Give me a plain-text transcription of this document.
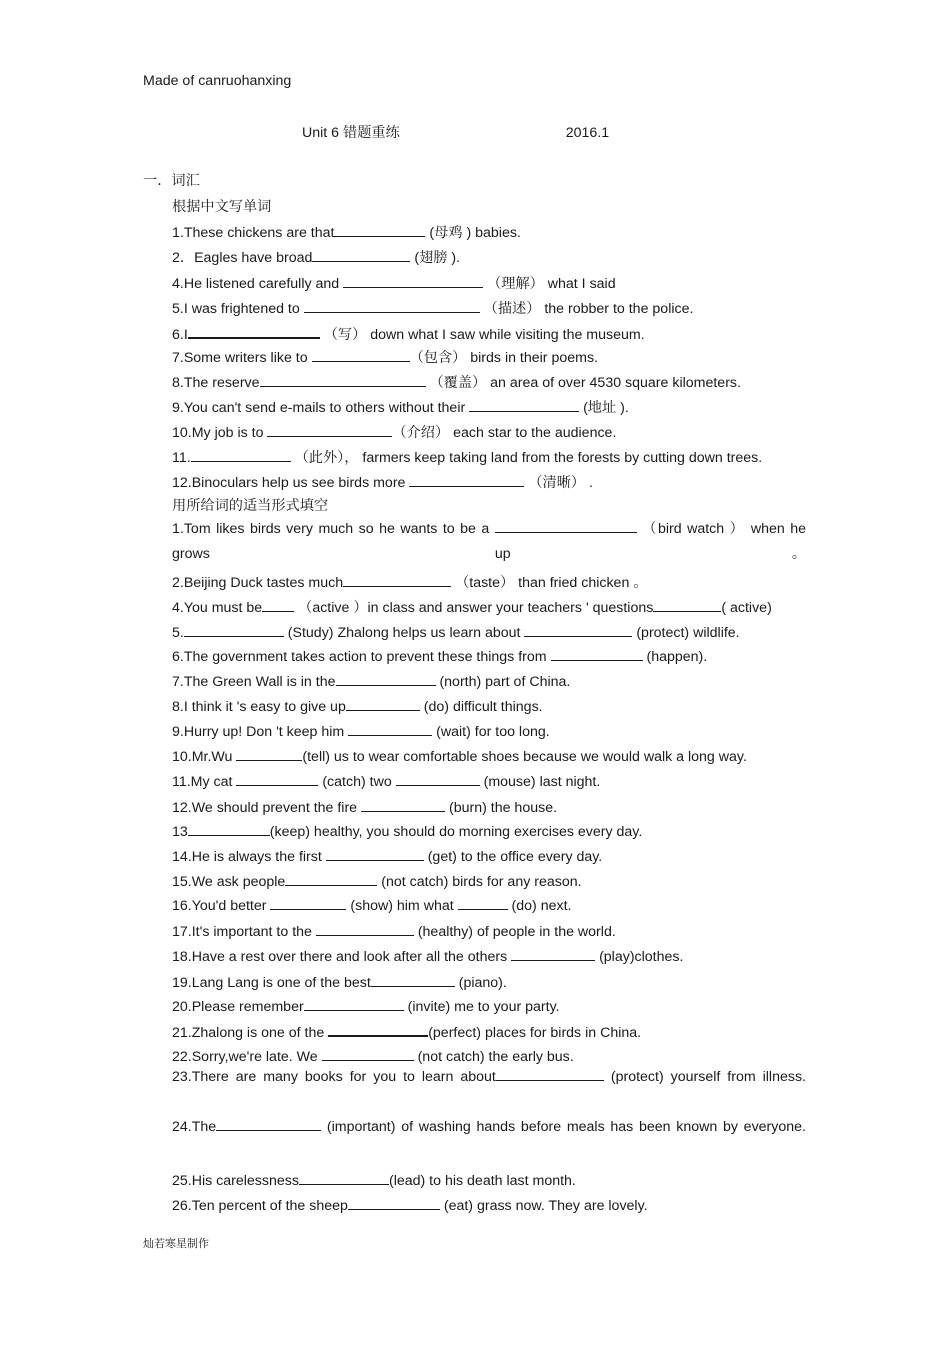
Made of canruohanxing
Unit 6 错题重练	2016.1
一．词汇
根据中文写单词
1.These chickens are that	(母鸡 ) babies.
2．Eagles have broad	(翅膀 ).
4.He listened carefully and	（理解） what I said
5.I was frightened to	（描述） the robber to the police.
6.I	（写） down what I saw while visiting the museum.
7.Some writers like to	（包含） birds in their poems.
8.The reserve	（覆盖） an area of over 4530 square kilometers.
9.You can't send e-mails to others without their	(地址 ).
10.My job is to	（介绍） each star to the audience.
11.	（此外）， farmers keep taking land from the forests by cutting down trees.
12.Binoculars help us see birds more	（清晰） .
用所给词的适当形式填空
1.Tom likes birds very much so he wants to be a	（bird watch ） when he grows up。
2.Beijing Duck tastes much	（taste） than fried chicken 。
4.You must be （active ）in class and answer your teachers ' questions	( active)
5.	(Study) Zhalong helps us learn about	(protect) wildlife.
6.The government takes action to prevent these things from	(happen).
7.The Green Wall is in the	(north) part of China.
8.I think it 's easy to give up	(do) difficult things.
9.Hurry up! Don 't keep him	(wait) for too long.
10.Mr.Wu	(tell) us to wear comfortable shoes because we would walk a long way.
11.My cat	(catch) two	(mouse) last night.
12.We should prevent the fire	(burn) the house.
13	(keep) healthy, you should do morning exercises every day.
14.He is always the first	(get) to the office every day.
15.We ask people	(not catch) birds for any reason.
16.You'd better	(show) him what	(do) next.
17.It's important to the	(healthy) of people in the world.
18.Have a rest over there and look after all the others	(play)clothes.
19.Lang Lang is one of the best	(piano).
20.Please remember	(invite) me to your party.
21.Zhalong is one of the	(perfect) places for birds in China.
22.Sorry,we're late. We	(not catch) the early bus.
23.There are many books for you to learn about	(protect) yourself from illness.
24.The	(important) of washing hands before meals has been known by everyone.
25.His carelessness	(lead) to his death last month.
26.Ten percent of the sheep	(eat) grass now. They are lovely.
灿若寒星制作
